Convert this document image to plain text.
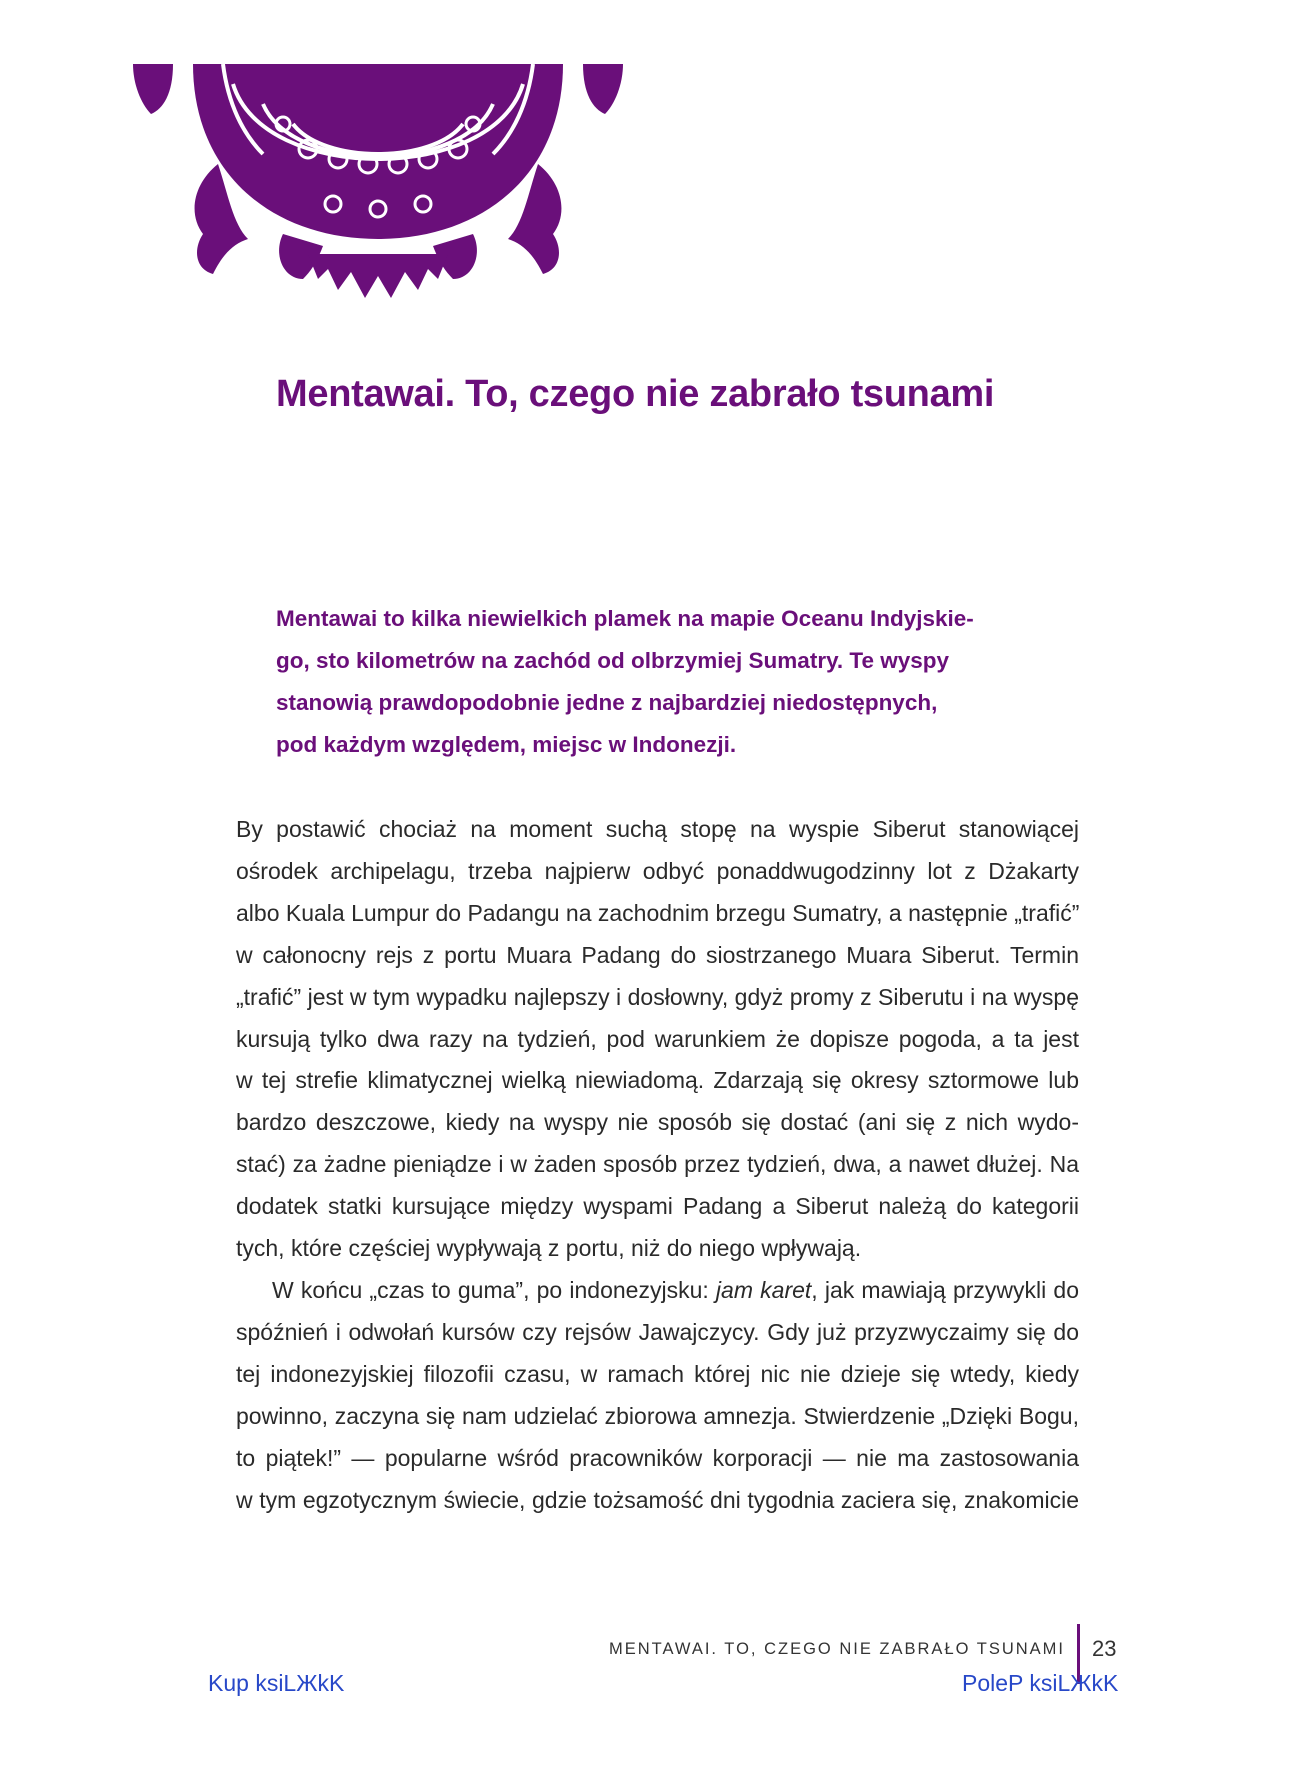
Mentawai. To, czego nie zabrało tsunami
Mentawai to kilka niewielkich plamek na mapie Oceanu Indyjskie-
go, sto kilometrów na zachód od olbrzymiej Sumatry. Te wyspy
stanowią prawdopodobnie jedne z najbardziej niedostępnych,
pod każdym względem, miejsc w Indonezji.
By postawić chociaż na moment suchą stopę na wyspie Siberut stanowiącej
ośrodek archipelagu, trzeba najpierw odbyć ponaddwugodzinny lot z Dżakarty
albo Kuala Lumpur do Padangu na zachodnim brzegu Sumatry, a następnie „trafić”
w całonocny rejs z portu Muara Padang do siostrzanego Muara Siberut. Termin
„trafić” jest w tym wypadku najlepszy i dosłowny, gdyż promy z Siberutu i na wyspę
kursują tylko dwa razy na tydzień, pod warunkiem że dopisze pogoda, a ta jest
w tej strefie klimatycznej wielką niewiadomą. Zdarzają się okresy sztormowe lub
bardzo deszczowe, kiedy na wyspy nie sposób się dostać (ani się z nich wydo-
stać) za żadne pieniądze i w żaden sposób przez tydzień, dwa, a nawet dłużej. Na
dodatek statki kursujące między wyspami Padang a Siberut należą do kategorii
tych, które częściej wypływają z portu, niż do niego wpływają.
W końcu „czas to guma”, po indonezyjsku: jam karet, jak mawiają przywykli do
spóźnień i odwołań kursów czy rejsów Jawajczycy. Gdy już przyzwyczaimy się do
tej indonezyjskiej filozofii czasu, w ramach której nic nie dzieje się wtedy, kiedy
powinno, zaczyna się nam udzielać zbiorowa amnezja. Stwierdzenie „Dzięki Bogu,
to piątek!” — popularne wśród pracowników korporacji — nie ma zastosowania
w tym egzotycznym świecie, gdzie tożsamość dni tygodnia zaciera się, znakomicie
MENTAWAI. TO, CZEGO NIE ZABRAŁO TSUNAMI 23
Kup ksiLЖkK	PoleP ksiLЖkK
